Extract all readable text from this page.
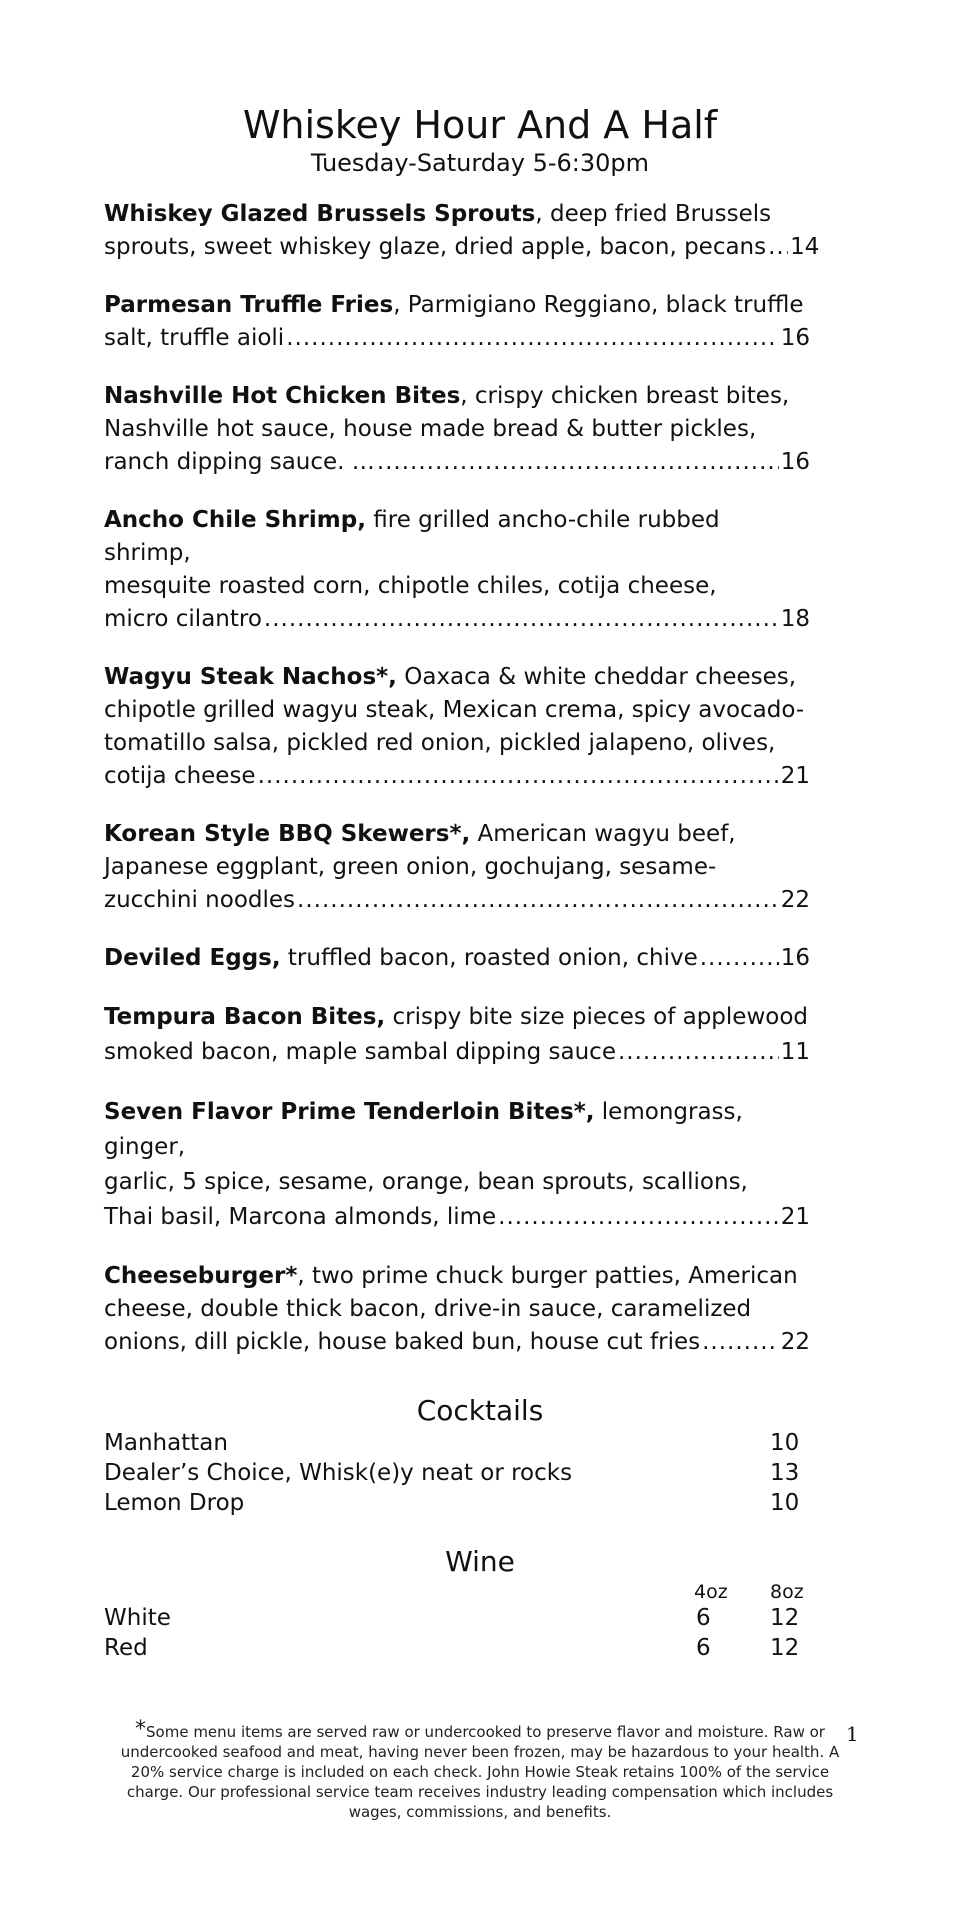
Whiskey Hour And A Half
Tuesday-Saturday 5-6:30pm
Whiskey Glazed Brussels Sprouts, deep fried Brussels
sprouts, sweet whiskey glaze, dried apple, bacon, pecans ..... 14
Parmesan Truffle Fries, Parmigiano Reggiano, black truffle
salt, truffle aioli .....	16
Nashville Hot Chicken Bites, crispy chicken breast bites,
Nashville hot sauce, house made bread & butter pickles,
ranch dipping sauce. … .....	16
Ancho Chile Shrimp, fire grilled ancho-chile rubbed shrimp,
mesquite roasted corn, chipotle chiles, cotija cheese,
micro cilantro .....	18
Wagyu Steak Nachos*, Oaxaca & white cheddar cheeses,
chipotle grilled wagyu steak, Mexican crema, spicy avocado-
tomatillo salsa, pickled red onion, pickled jalapeno, olives,
cotija cheese .....	21
Korean Style BBQ Skewers*, American wagyu beef,
Japanese eggplant, green onion, gochujang, sesame-
zucchini noodles .....	22
Deviled Eggs, truffled bacon, roasted onion, chive .....	16
Tempura Bacon Bites, crispy bite size pieces of applewood
smoked bacon, maple sambal dipping sauce .....	11
Seven Flavor Prime Tenderloin Bites*, lemongrass, ginger,
garlic, 5 spice, sesame, orange, bean sprouts, scallions,
Thai basil, Marcona almonds, lime .....	21
Cheeseburger*, two prime chuck burger patties, American
cheese, double thick bacon, drive-in sauce, caramelized
onions, dill pickle, house baked bun, house cut fries .....	22
Cocktails
Manhattan	10
Dealer’s Choice, Whisk(e)y neat or rocks	13
Lemon Drop	10
Wine
4oz 8oz
White	6	12
Red	6	12
*Some menu items are served raw or undercooked to preserve flavor and moisture. Raw or undercooked seafood and meat, having never been frozen, may be hazardous to your health. A 20% service charge is included on each check. John Howie Steak retains 100% of the service charge. Our professional service team receives industry leading compensation which includes wages, commissions, and benefits.
1
